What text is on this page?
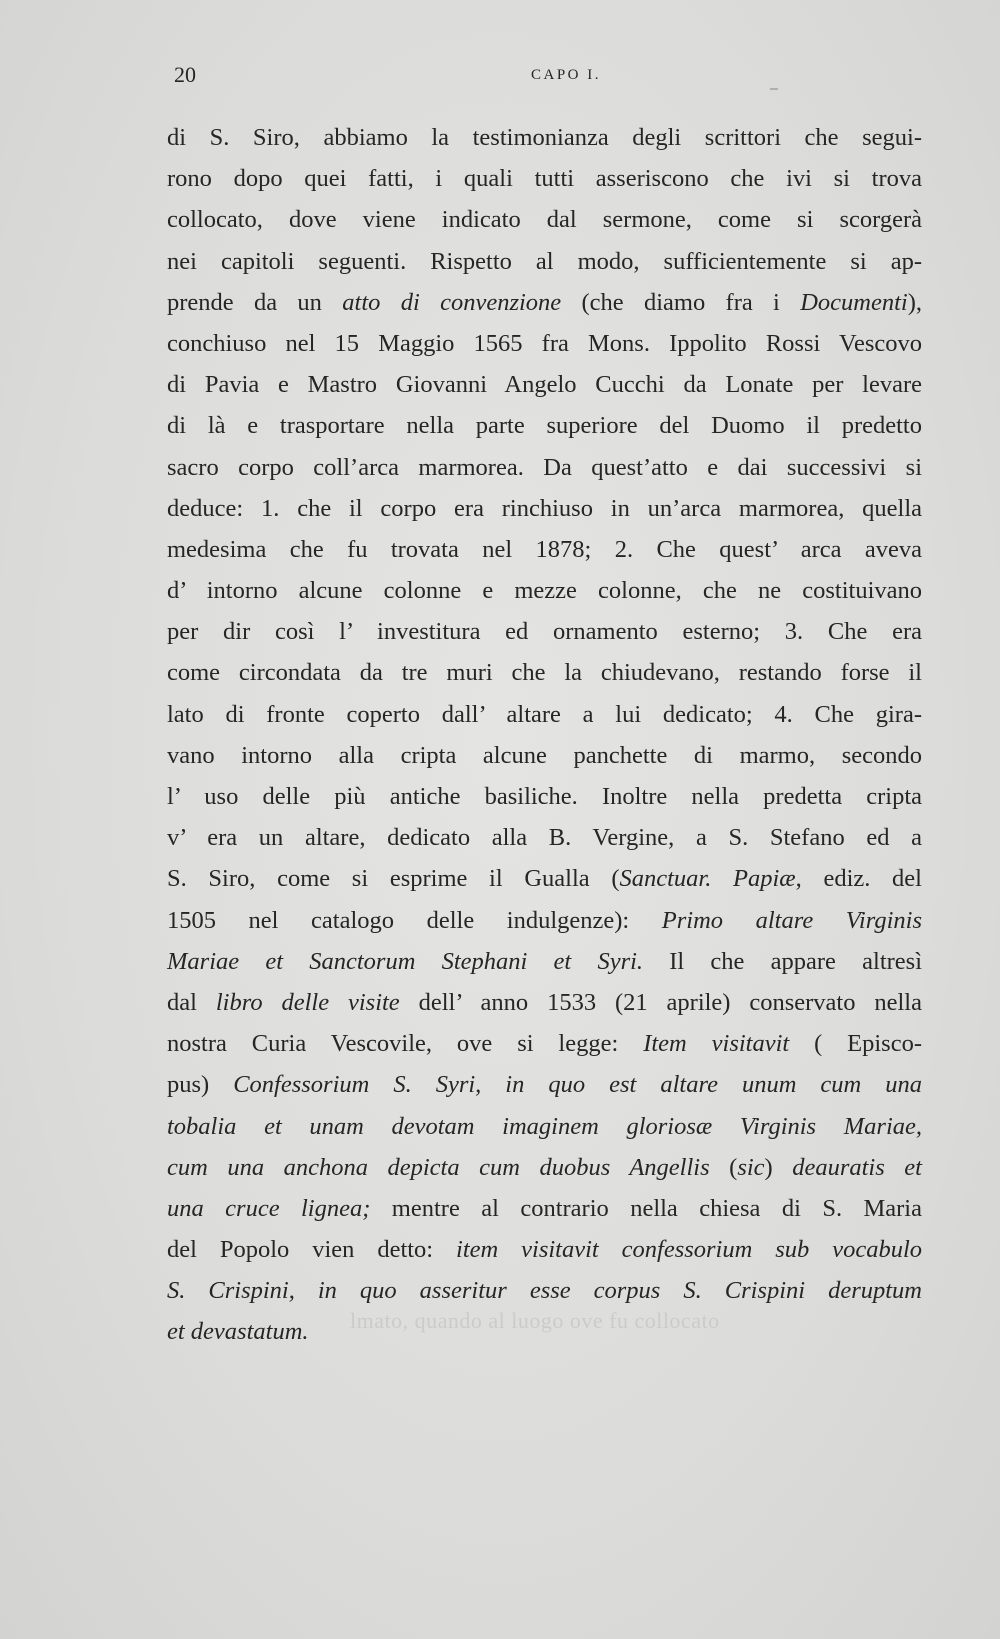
20	CAPO I.
di S. Siro, abbiamo la testimonianza degli scrittori che segui-
rono dopo quei fatti, i quali tutti asseriscono che ivi si trova
collocato, dove viene indicato dal sermone, come si scorgerà
nei capitoli seguenti. Rispetto al modo, sufficientemente si ap-
prende da un atto di convenzione (che diamo fra i Documenti),
conchiuso nel 15 Maggio 1565 fra Mons. Ippolito Rossi Vescovo
di Pavia e Mastro Giovanni Angelo Cucchi da Lonate per levare
di là e trasportare nella parte superiore del Duomo il predetto
sacro corpo coll’arca marmorea. Da quest’atto e dai successivi si
deduce: 1. che il corpo era rinchiuso in un’arca marmorea, quella
medesima che fu trovata nel 1878; 2. Che quest’ arca aveva
d’ intorno alcune colonne e mezze colonne, che ne costituivano
per dir così l’ investitura ed ornamento esterno; 3. Che era
come circondata da tre muri che la chiudevano, restando forse il
lato di fronte coperto dall’ altare a lui dedicato; 4. Che gira-
vano intorno alla cripta alcune panchette di marmo, secondo
l’ uso delle più antiche basiliche. Inoltre nella predetta cripta
v’ era un altare, dedicato alla B. Vergine, a S. Stefano ed a
S. Siro, come si esprime il Gualla (Sanctuar. Papiæ, ediz. del
1505 nel catalogo delle indulgenze): Primo altare Virginis
Mariae et Sanctorum Stephani et Syri. Il che appare altresì
dal libro delle visite dell’ anno 1533 (21 aprile) conservato nella
nostra Curia Vescovile, ove si legge: Item visitavit ( Episco-
pus) Confessorium S. Syri, in quo est altare unum cum una
tobalia et unam devotam imaginem gloriosæ Virginis Mariae,
cum una anchona depicta cum duobus Angellis (sic) deauratis et
una cruce lignea; mentre al contrario nella chiesa di S. Maria
del Popolo vien detto: item visitavit confessorium sub vocabulo
S. Crispini, in quo asseritur esse corpus S. Crispini deruptum
et devastatum.	lmato, quando al luogo ove fu collocato
